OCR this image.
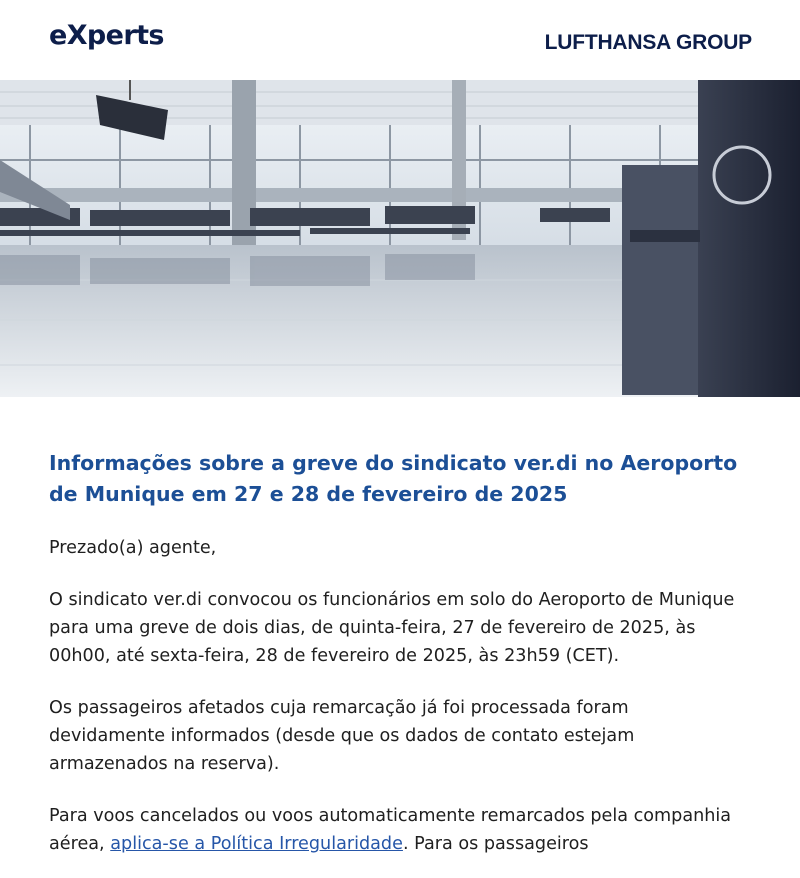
eXperts	LUFTHANSA GROUP
Informações sobre a greve do sindicato ver.di no Aeroporto de Munique em 27 e 28 de fevereiro de 2025

Prezado(a) agente,

O sindicato ver.di convocou os funcionários em solo do Aeroporto de Munique para uma greve de dois dias, de quinta-feira, 27 de fevereiro de 2025, às 00h00, até sexta-feira, 28 de fevereiro de 2025, às 23h59 (CET).

Os passageiros afetados cuja remarcação já foi processada foram devidamente informados (desde que os dados de contato estejam armazenados na reserva).

Para voos cancelados ou voos automaticamente remarcados pela companhia aérea, aplica-se a Política Irregularidade. Para os passageiros
